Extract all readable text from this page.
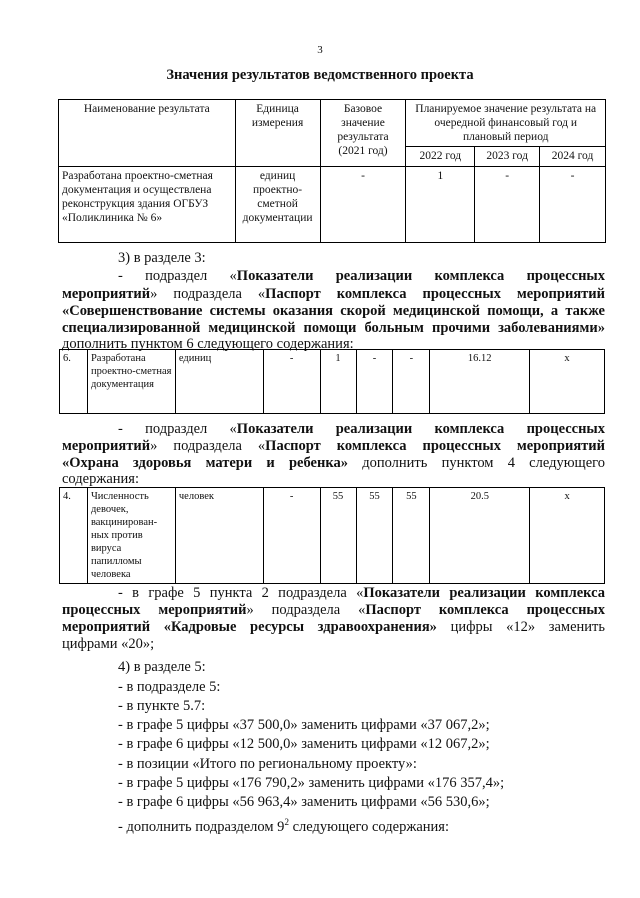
3
Значения результатов ведомственного проекта
Наименование результата	Единица измерения	Базовое значение результата (2021 год)	Планируемое значение результата на очередной финансовый год и плановый период		
			2022 год	2023 год	2024 год
Разработана проектно-сметная документация и осуществлена реконструкция здания ОГБУЗ «Поликлиника № 6»	единиц проектно-сметной документации	-	1	-	-
3) в разделе 3:
- подраздел «Показатели реализации комплекса процессных
мероприятий» подраздела «Паспорт комплекса процессных мероприятий
«Совершенствование системы оказания скорой медицинской помощи, а также
специализированной медицинской помощи больным прочими заболеваниями»
дополнить пунктом 6 следующего содержания:
6.	Разработана проектно-сметная документация	единиц	-	1	-	-	16.12	x
- подраздел «Показатели реализации комплекса процессных
мероприятий» подраздела «Паспорт комплекса процессных мероприятий
«Охрана здоровья матери и ребенка» дополнить пунктом 4 следующего
содержания:
4.	Численность девочек, вакцинирован-ных против вируса папилломы человека	человек	-	55	55	55	20.5	x
- в графе 5 пункта 2 подраздела «Показатели реализации комплекса
процессных мероприятий» подраздела «Паспорт комплекса процессных
мероприятий «Кадровые ресурсы здравоохранения» цифры «12» заменить
цифрами «20»;
4) в разделе 5:
- в подразделе 5:
- в пункте 5.7:
- в графе 5 цифры «37 500,0» заменить цифрами «37 067,2»;
- в графе 6 цифры «12 500,0» заменить цифрами «12 067,2»;
- в позиции «Итого по региональному проекту»:
- в графе 5 цифры «176 790,2» заменить цифрами «176 357,4»;
- в графе 6 цифры «56 963,4» заменить цифрами «56 530,6»;
- дополнить подразделом $9^2$ следующего содержания:
